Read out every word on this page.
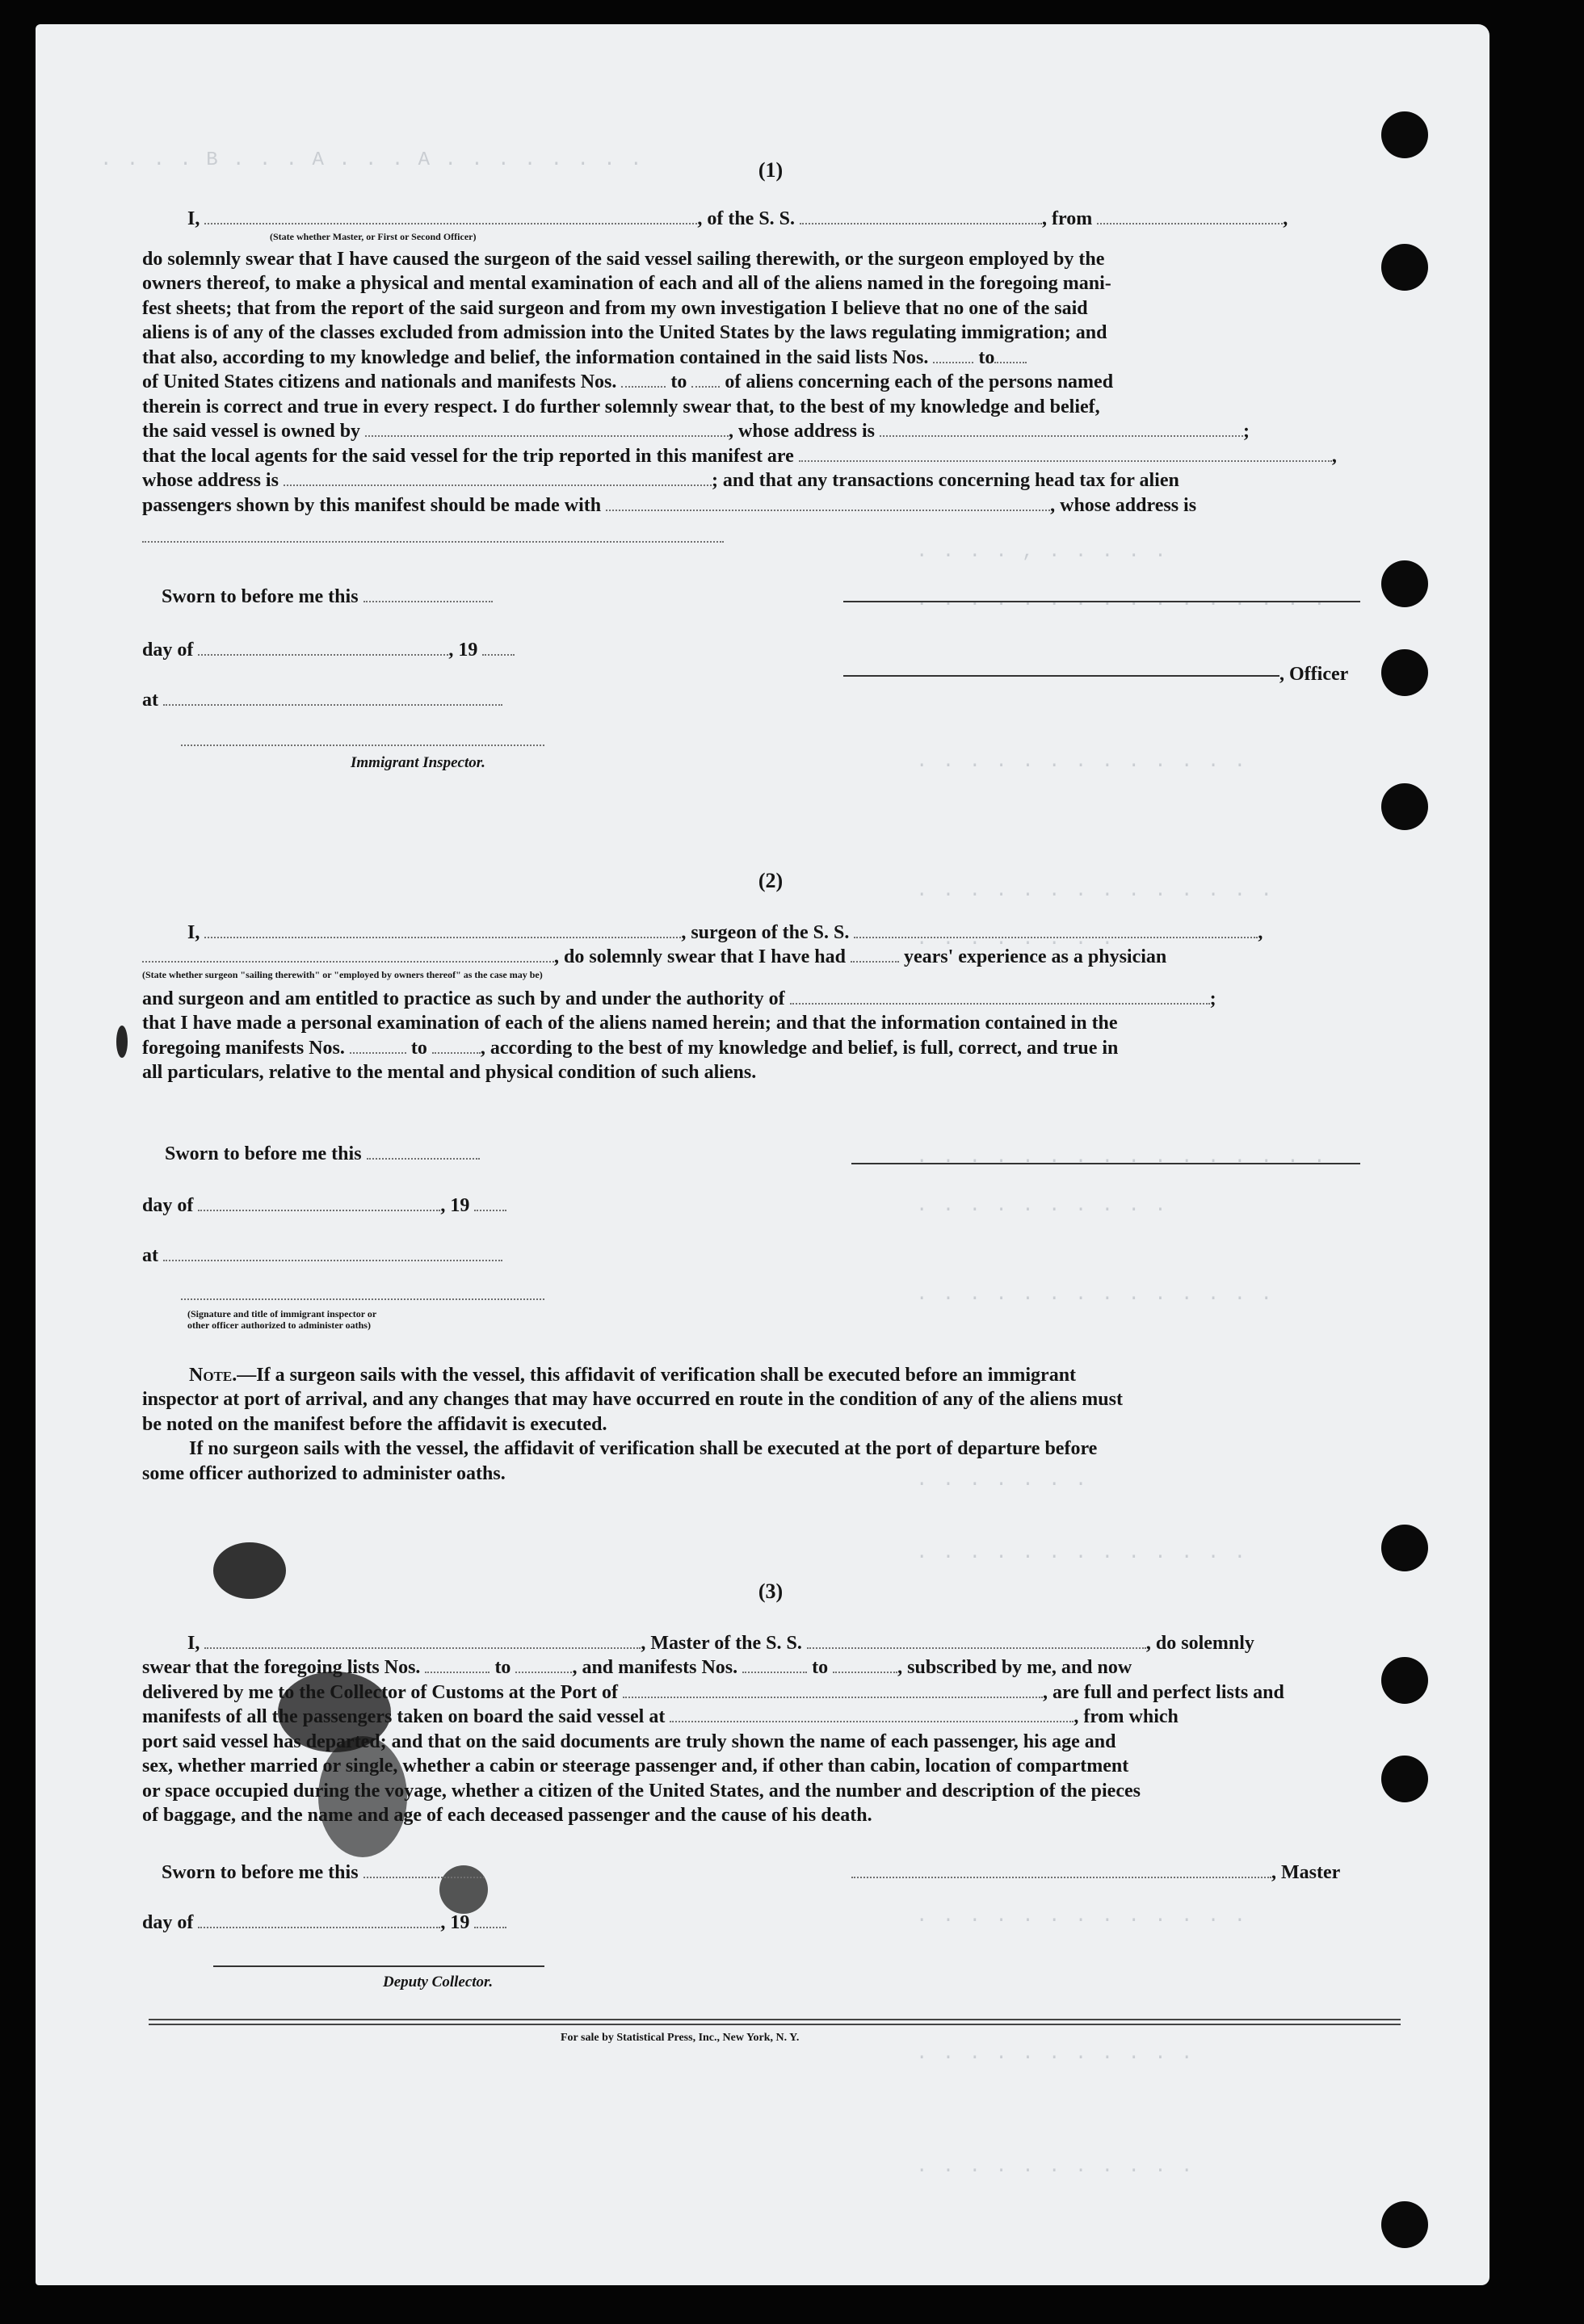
. . . . B . . . A . . . A . . . . . . . .
. . . . , . . . . .
. . . . . . . . . . . . . . . .
. . . . . . . . . . . . .
. . . . . . . . . . . . . .
. . . . . . . .
. . . . . . . . . . . . . . . .
. . . . . . . . . .
. . . . . . . . . . . . . .
. . . . . . .
. . . . . . . . . . . . .
. . . . . . . . . . . . .
. . . . . . . . . . .
. . . . . . . . . . .
(1)
I,	, of the S. S.	, from	,
(State whether Master, or First or Second Officer)
do solemnly swear that I have caused the surgeon of the said vessel sailing therewith, or the surgeon employed by the
owners thereof, to make a physical and mental examination of each and all of the aliens named in the foregoing mani-
fest sheets; that from the report of the said surgeon and from my own investigation I believe that no one of the said
aliens is of any of the classes excluded from admission into the United States by the laws regulating immigration; and
that also, according to my knowledge and belief, the information contained in the said lists Nos.	to
of United States citizens and nationals and manifests Nos.	to of aliens concerning each of the persons named
therein is correct and true in every respect. I do further solemnly swear that, to the best of my knowledge and belief,
the said vessel is owned by	, whose address is	;
that the local agents for the said vessel for the trip reported in this manifest are	,
whose address is	; and that any transactions concerning head tax for alien
passengers shown by this manifest should be made with	, whose address is
Sworn to before me this
day of	, 19
, Officer
at
Immigrant Inspector.
(2)
I,	, surgeon of the S. S.	,
, do solemnly swear that I have had	years' experience as a physician
(State whether surgeon "sailing therewith" or "employed by owners thereof" as the case may be)
and surgeon and am entitled to practice as such by and under the authority of	;
that I have made a personal examination of each of the aliens named herein; and that the information contained in the
foregoing manifests Nos.	to	, according to the best of my knowledge and belief, is full, correct, and true in
all particulars, relative to the mental and physical condition of such aliens.
Sworn to before me this
day of	, 19
at
(Signature and title of immigrant inspector or
other officer authorized to administer oaths)
Note.—If a surgeon sails with the vessel, this affidavit of verification shall be executed before an immigrant
inspector at port of arrival, and any changes that may have occurred en route in the condition of any of the aliens must
be noted on the manifest before the affidavit is executed.
If no surgeon sails with the vessel, the affidavit of verification shall be executed at the port of departure before
some officer authorized to administer oaths.
(3)
I,	, Master of the S. S.	, do solemnly
swear that the foregoing lists Nos.	to	, and manifests Nos.	to	, subscribed by me, and now
delivered by me to the Collector of Customs at the Port of	, are full and perfect lists and
manifests of all the passengers taken on board the said vessel at	, from which
port said vessel has departed; and that on the said documents are truly shown the name of each passenger, his age and
sex, whether married or single, whether a cabin or steerage passenger and, if other than cabin, location of compartment
or space occupied during the voyage, whether a citizen of the United States, and the number and description of the pieces
of baggage, and the name and age of each deceased passenger and the cause of his death.
Sworn to before me this	, Master
day of	, 19
Deputy Collector.
For sale by Statistical Press, Inc., New York, N. Y.
